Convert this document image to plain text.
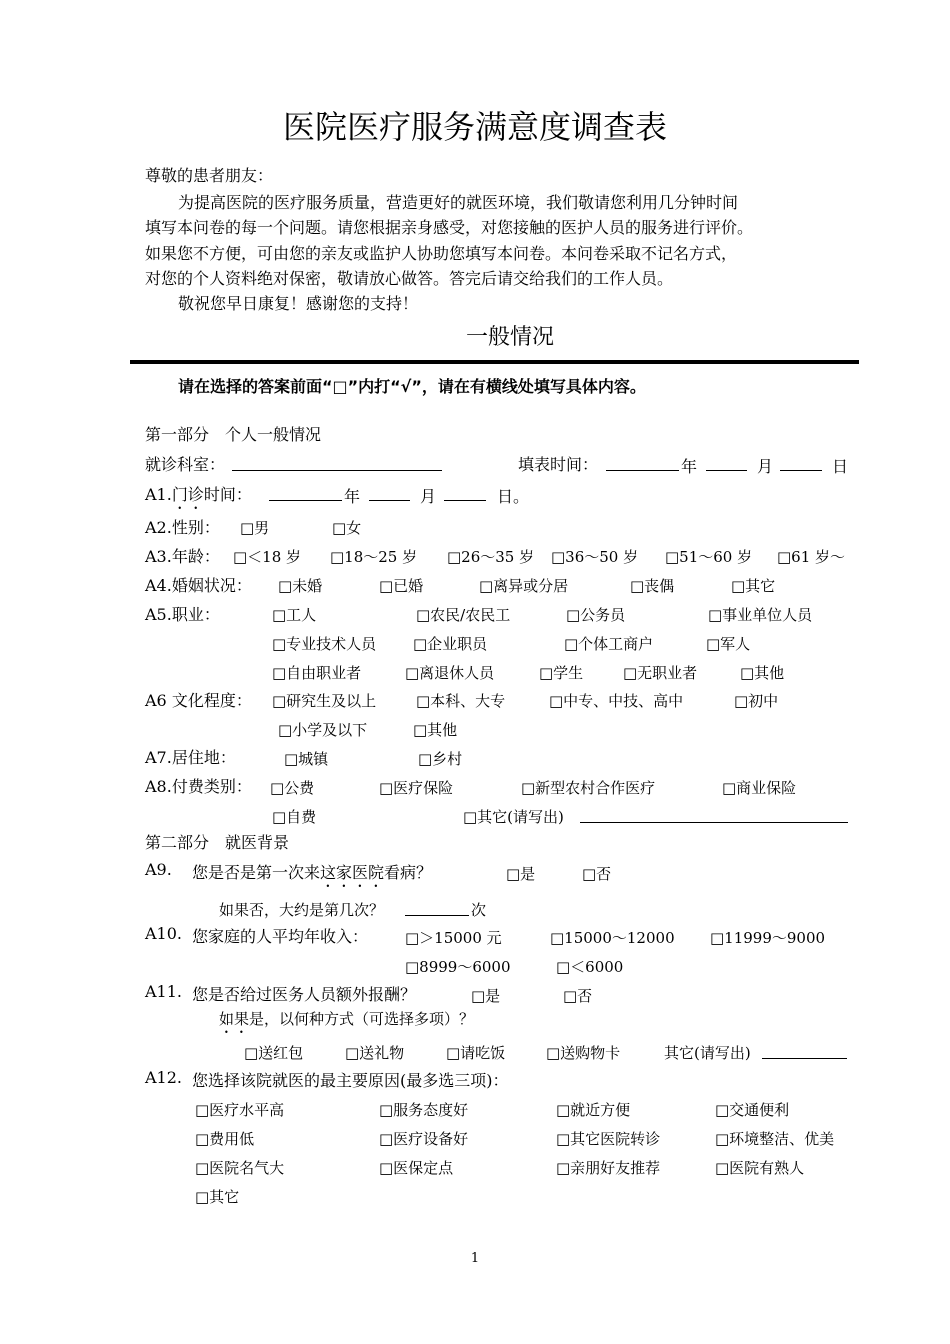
医院医疗服务满意度调查表
尊敬的患者朋友：
为提高医院的医疗服务质量，营造更好的就医环境，我们敬请您利用几分钟时间
填写本问卷的每一个问题。请您根据亲身感受，对您接触的医护人员的服务进行评价。
如果您不方便，可由您的亲友或监护人协助您填写本问卷。本问卷采取不记名方式，
对您的个人资料绝对保密，敬请放心做答。答完后请交给我们的工作人员。
敬祝您早日康复！感谢您的支持！
一般情况
请在选择的答案前面“□”内打“√”，请在有横线处填写具体内容。
第一部分　个人一般情况
就诊科室：	填表时间：	年	月	日
A1.门诊时间：	年	月	日。
A2.性别： □男	□女
A3.年龄： □＜18 岁 □18～25 岁 □26～35 岁 □36～50 岁 □51～60 岁 □61 岁～
A4.婚姻状况： □未婚	□已婚	□离异或分居	□丧偶	□其它
A5.职业：	□工人	□农民/农民工	□公务员	□事业单位人员
□专业技术人员 □企业职员	□个体工商户	□军人
□自由职业者	□离退休人员	□学生	□无职业者	□其他
A6 文化程度： □研究生及以上	□本科、大专	□中专、中技、高中	□初中
□小学及以下	□其他
A7.居住地：	□城镇	□乡村
A8.付费类别： □公费	□医疗保险	□新型农村合作医疗	□商业保险
□自费	□其它(请写出)
第二部分　就医背景
A9. 您是否是第一次来这家医院看病？	□是	□否
如果否，大约是第几次？	次
A10. 您家庭的人平均年收入： □＞15000 元	□15000～12000 □11999～9000
□8999～6000	□＜6000
A11. 您是否给过医务人员额外报酬？	□是	□否
如果是，以何种方式（可选择多项）？
□送红包	□送礼物	□请吃饭	□送购物卡	其它(请写出)
A12. 您选择该院就医的最主要原因(最多选三项)：
□医疗水平高	□服务态度好	□就近方便	□交通便利
□费用低	□医疗设备好	□其它医院转诊	□环境整洁、优美
□医院名气大	□医保定点	□亲朋好友推荐	□医院有熟人
□其它
1
